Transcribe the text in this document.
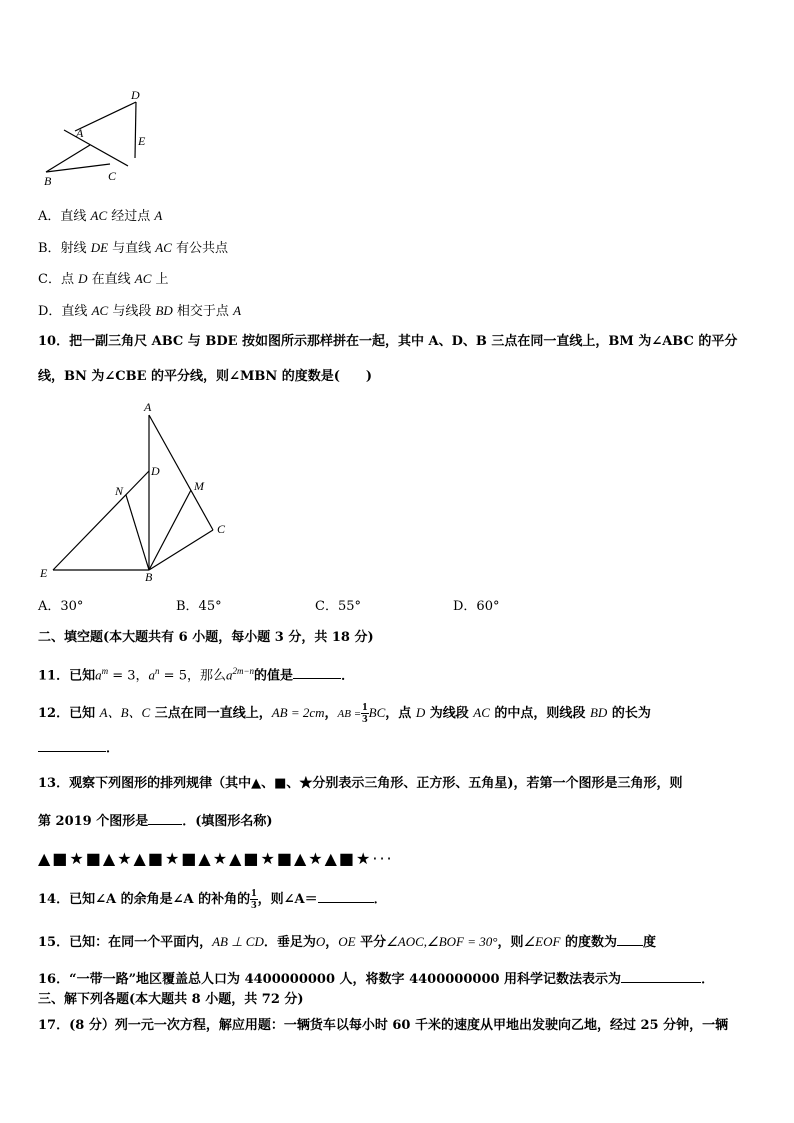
D
A
E
B	C
A．直线 AC 经过点 A
B．射线 DE 与直线 AC 有公共点
C．点 D 在直线 AC 上
D．直线 AC 与线段 BD 相交于点 A
10．把一副三角尺 ABC 与 BDE 按如图所示那样拼在一起，其中 A、D、B 三点在同一直线上，BM 为∠ABC 的平分
线，BN 为∠CBE 的平分线，则∠MBN 的度数是(　　)
A
D
N	M
C
E	B
A．30°	B．45°	C．55°	D．60°
二、填空题(本大题共有 6 小题，每小题 3 分，共 18 分)
11．已知$a^m = 3$，$a^n = 5$，那么$a^{2m-n}$的值是	．
12．已知 A、B、C 三点在同一直线上，AB = 2cm，AB = $\frac{1}{3}$ BC，点 D 为线段 AC 的中点，则线段 BD 的长为
．
13．观察下列图形的排列规律（其中▲、■、★分别表示三角形、正方形、五角星)，若第一个图形是三角形，则
第 2019 个图形是	．(填图形名称)
▲■★■▲★▲■★■▲★▲■★■▲★▲■★···
14．已知∠A 的余角是∠A 的补角的 $\frac{1}{3}$ ，则∠A＝	．
15．已知：在同一个平面内，AB ⊥ CD．垂足为O，OE 平分∠AOC,∠BOF = 30°，则∠EOF 的度数为 度
16．“一带一路”地区覆盖总人口为 4400000000 人，将数字 4400000000 用科学记数法表示为	．
三、解下列各题(本大题共 8 小题，共 72 分)
17．(8 分）列一元一次方程，解应用题：一辆货车以每小时 60 千米的速度从甲地出发驶向乙地，经过 25 分钟，一辆
